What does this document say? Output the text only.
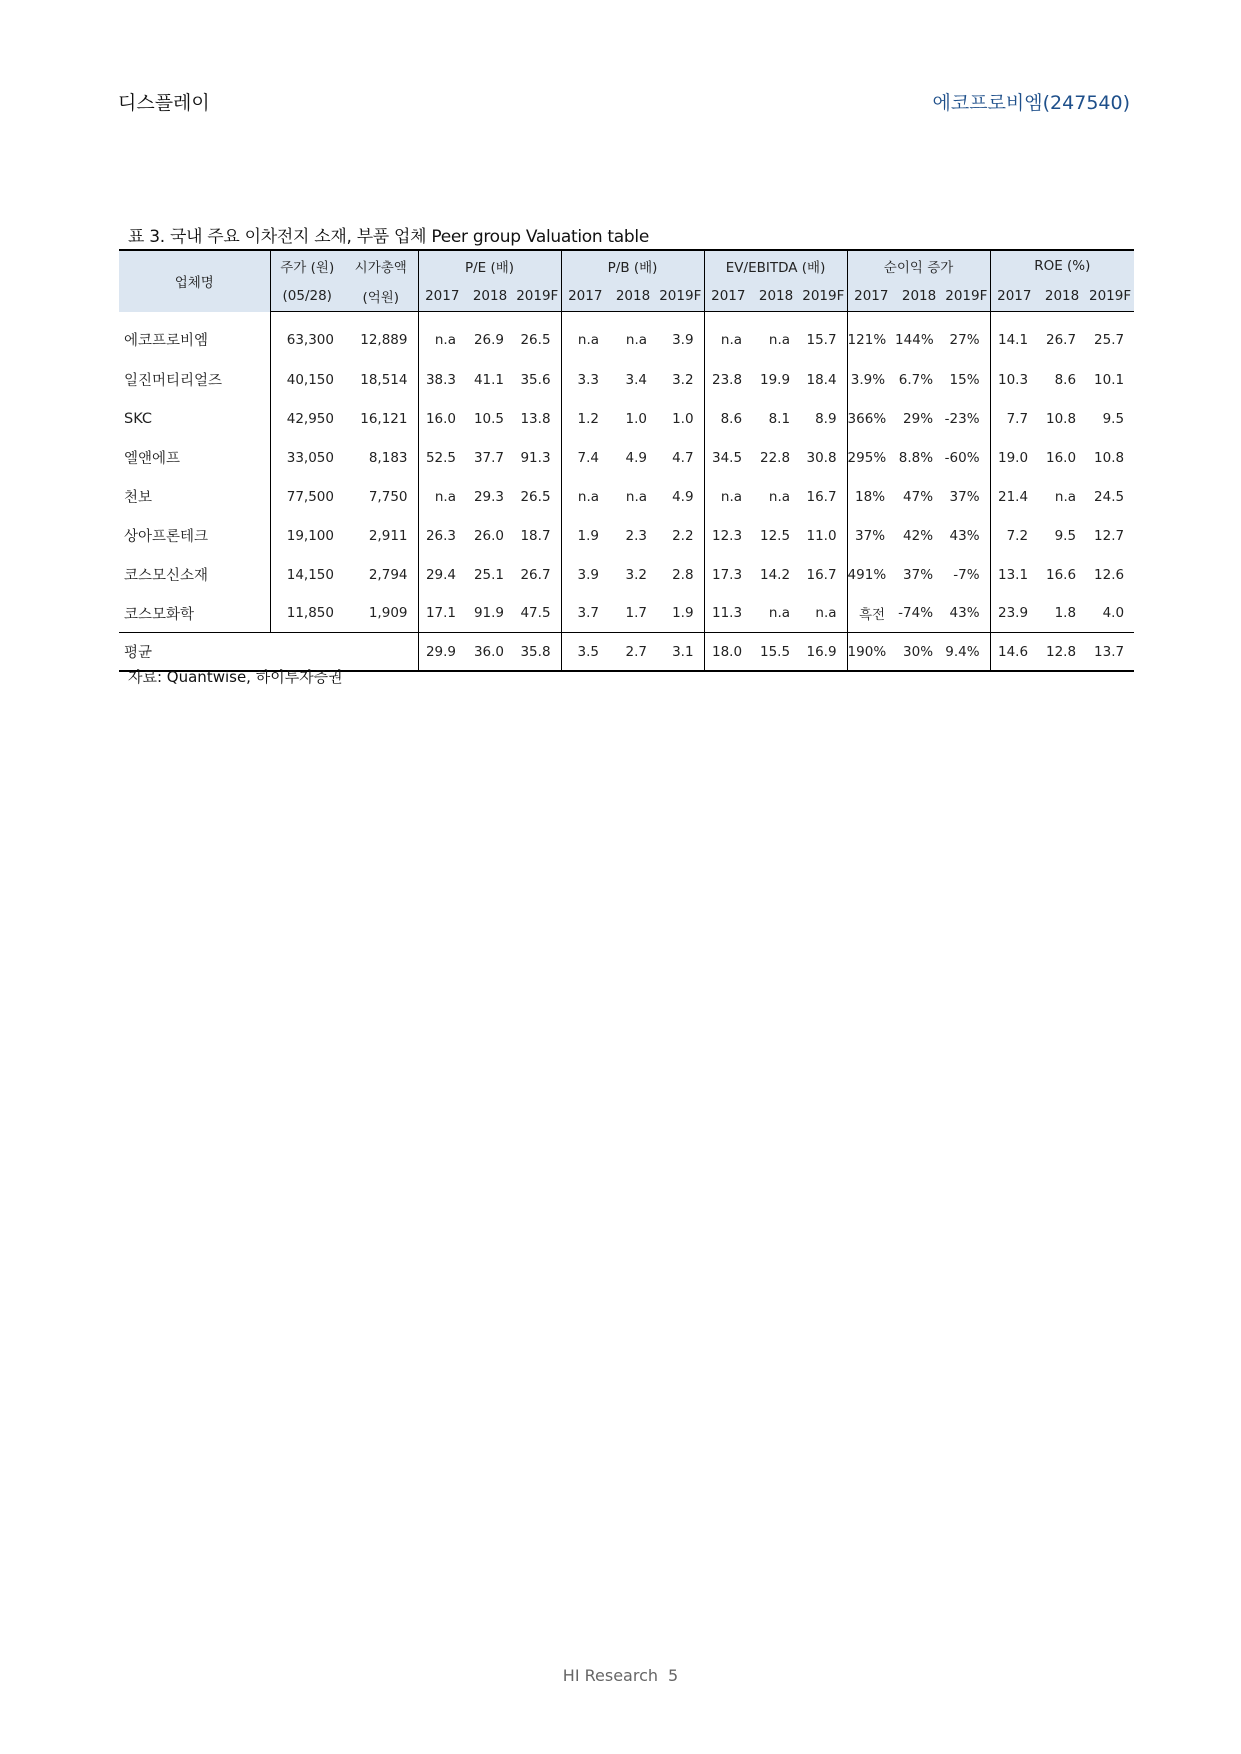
디스플레이	에코프로비엠(247540)
표 3. 국내 주요 이차전지 소재, 부품 업체 Peer group Valuation table
업체명	주가 (원)	시가총액	P/E (배)			P/B (배)			EV/EBITDA (배)			순이익 증가			ROE (%)		
	(05/28)	(억원)	2017	2018	2019F	2017	2018	2019F	2017	2018	2019F	2017	2018	2019F	2017	2018	2019F
에코프로비엠	63,300	12,889	n.a	26.9	26.5	n.a	n.a	3.9	n.a	n.a	15.7	121%	144%	27%	14.1	26.7	25.7
일진머티리얼즈	40,150	18,514	38.3	41.1	35.6	3.3	3.4	3.2	23.8	19.9	18.4	3.9%	6.7%	15%	10.3	8.6	10.1
SKC	42,950	16,121	16.0	10.5	13.8	1.2	1.0	1.0	8.6	8.1	8.9	366%	29%	-23%	7.7	10.8	9.5
엘앤에프	33,050	8,183	52.5	37.7	91.3	7.4	4.9	4.7	34.5	22.8	30.8	295%	8.8%	-60%	19.0	16.0	10.8
천보	77,500	7,750	n.a	29.3	26.5	n.a	n.a	4.9	n.a	n.a	16.7	18%	47%	37%	21.4	n.a	24.5
상아프론테크	19,100	2,911	26.3	26.0	18.7	1.9	2.3	2.2	12.3	12.5	11.0	37%	42%	43%	7.2	9.5	12.7
코스모신소재	14,150	2,794	29.4	25.1	26.7	3.9	3.2	2.8	17.3	14.2	16.7	491%	37%	-7%	13.1	16.6	12.6
코스모화학	11,850	1,909	17.1	91.9	47.5	3.7	1.7	1.9	11.3	n.a	n.a	흑전	-74%	43%	23.9	1.8	4.0
평균			29.9	36.0	35.8	3.5	2.7	3.1	18.0	15.5	16.9	190%	30%	9.4%	14.6	12.8	13.7
자료: Quantwise, 하이투자증권
HI Research 5
